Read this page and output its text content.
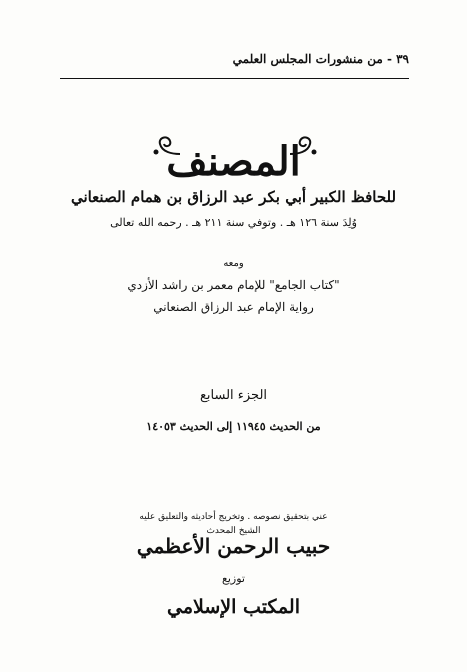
٣٩ - من منشورات المجلس العلمي
المصنف
للحافظ الكبير أبي بكر عبد الرزاق بن همام الصنعاني
وُلِدَ سنة ١٢٦ هـ . وتوفي سنة ٢١١ هـ . رحمه الله تعالى
ومعه
"كتاب الجامع" للإمام معمر بن راشد الأزدي
رواية الإمام عبد الرزاق الصنعاني
الجزء السابع
من الحديث ١١٩٤٥ إلى الحديث ١٤٠٥٣
عني بتحقيق نصوصه . وتخريج أحاديثه والتعليق عليه
الشيخ المحدث
حبيب الرحمن الأعظمي
توزيع
المكتب الإسلامي
